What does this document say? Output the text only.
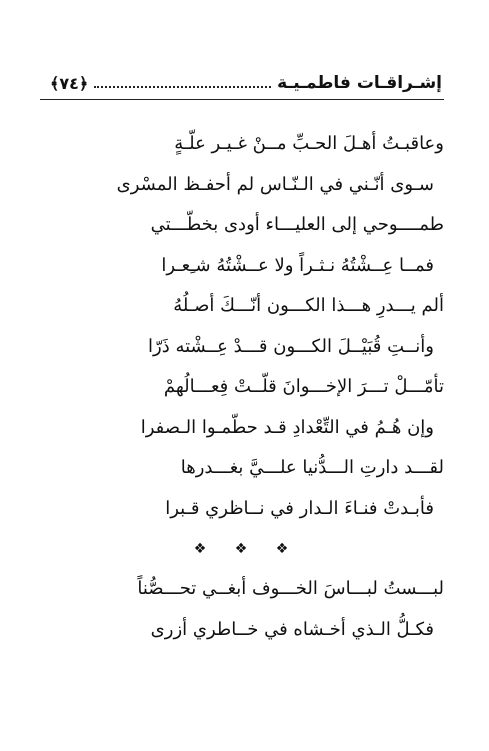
إشـراقـات فاطمـيـة
﴿٧٤﴾
وعاقبـتُ أهـلَ الحـبِّ مــنْ غـيـر علّـةٍ
سـوى أنّـني في الـنّـاس لم أحفـظ المسْرى
طمــــوحي إلى العليـــاء أودى بخطّـــتي
فمــا عِــشْتُهُ نـثـراً ولا عــشْتُهُ شـِعـرا
ألم يـــدرِ هـــذا الكـــون أنّـــكَ أصـلُهُ
وأنــتِ قُبَيْــلَ الكـــون قـــدْ عِــشْته ذَرّا
تأمّـــلْ تـــرَ الإخـــوانَ قلّــتْ فِعـــالُهمْ
وإن هُـمُ في التِّعْدادِ قـد حطّمـوا الـصفرا
لقـــد دارتِ الـــدُّنيا علـــيَّ بغـــدرها
فأبـدتْ فنـاءَ الـدار في نــاظري قـبرا
❖ ❖ ❖
لبـــستُ لبـــاسَ الخـــوف أبغــي تحـــصُّناً
فكـلُّ الـذي أخـشاه في خــاطري أزرى
